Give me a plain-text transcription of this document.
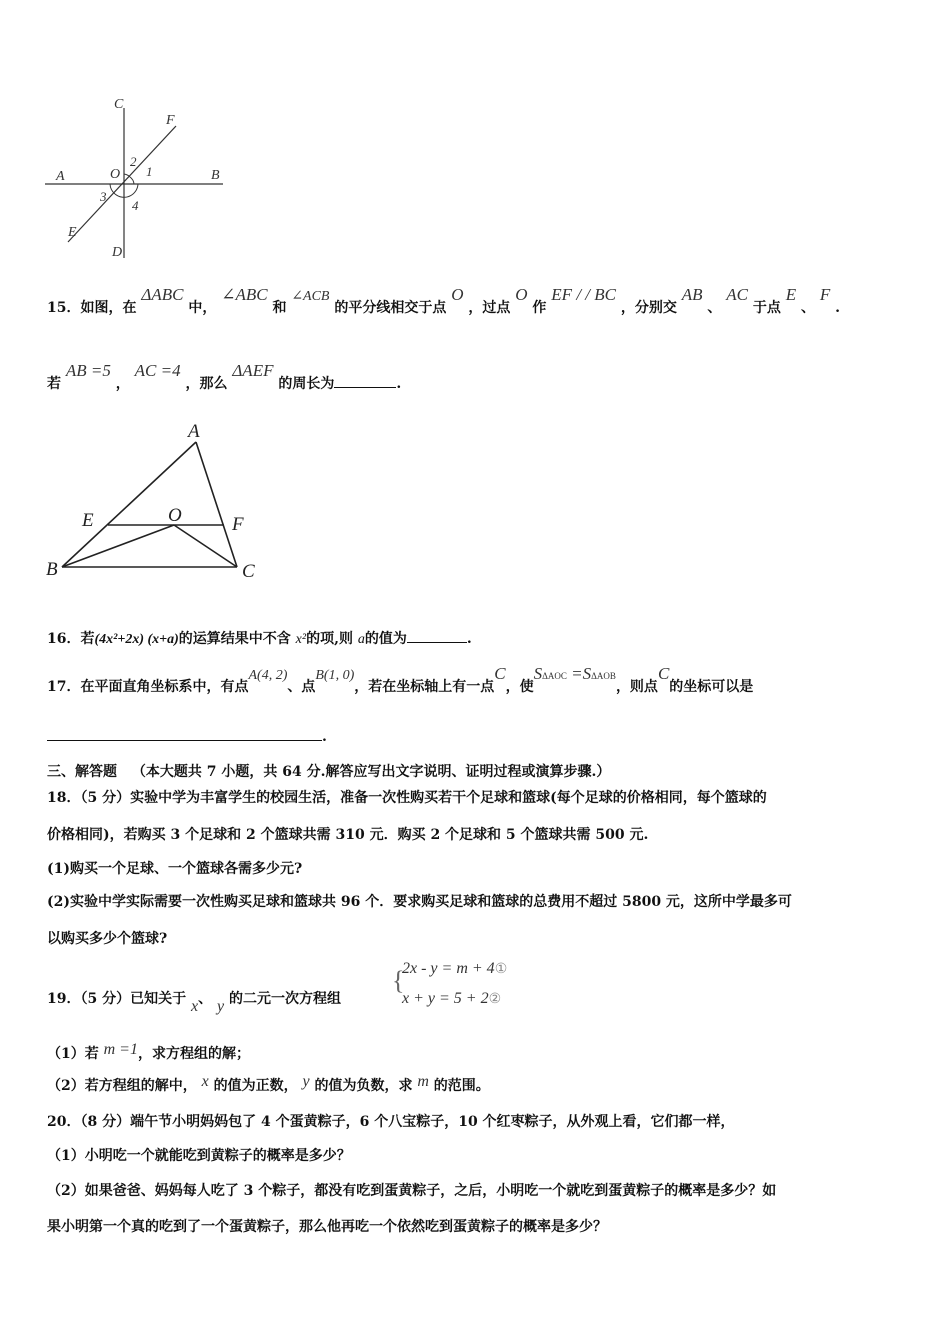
C
F
A	O
2
1	B
3
4
E
D
15．如图，在 ΔABC 中， ∠ABC 和 ∠ACB 的平分线相交于点 O ，过点 O 作 EF / / BC ，分别交 AB 、 AC 于点 E 、 F .
若 AB =5 ， AC =4 ，那么 ΔAEF 的周长为	.
A
E	O	F
B	C
16．若(4x²+2x) (x+a)的运算结果中不含 x²的项,则 a的值为	.
17．在平面直角坐标系中，有点A(4, 2)、点B(1, 0)，若在坐标轴上有一点C，使SΔAOC =SΔAOB，则点C的坐标可以是
.
三、解答题 （本大题共 7 小题，共 64 分.解答应写出文字说明、证明过程或演算步骤.）
18．（5 分）实验中学为丰富学生的校园生活，准备一次性购买若干个足球和篮球(每个足球的价格相同，每个篮球的
价格相同)，若购买 3 个足球和 2 个篮球共需 310 元．购买 2 个足球和 5 个篮球共需 500 元.
(1)购买一个足球、一个篮球各需多少元?
(2)实验中学实际需要一次性购买足球和篮球共 96 个．要求购买足球和篮球的总费用不超过 5800 元，这所中学最多可
以购买多少个篮球?
19．（5 分）已知关于 x、 y 的二元一次方程组
{
2x - y = m + 4①
x + y = 5 + 2②
（1）若 m =1，求方程组的解；
（2）若方程组的解中， x 的值为正数， y 的值为负数，求 m 的范围。
20．（8 分）端午节小明妈妈包了 4 个蛋黄粽子，6 个八宝粽子，10 个红枣粽子，从外观上看，它们都一样，
（1）小明吃一个就能吃到黄粽子的概率是多少？
（2）如果爸爸、妈妈每人吃了 3 个粽子，都没有吃到蛋黄粽子，之后，小明吃一个就吃到蛋黄粽子的概率是多少？如
果小明第一个真的吃到了一个蛋黄粽子，那么他再吃一个依然吃到蛋黄粽子的概率是多少？
